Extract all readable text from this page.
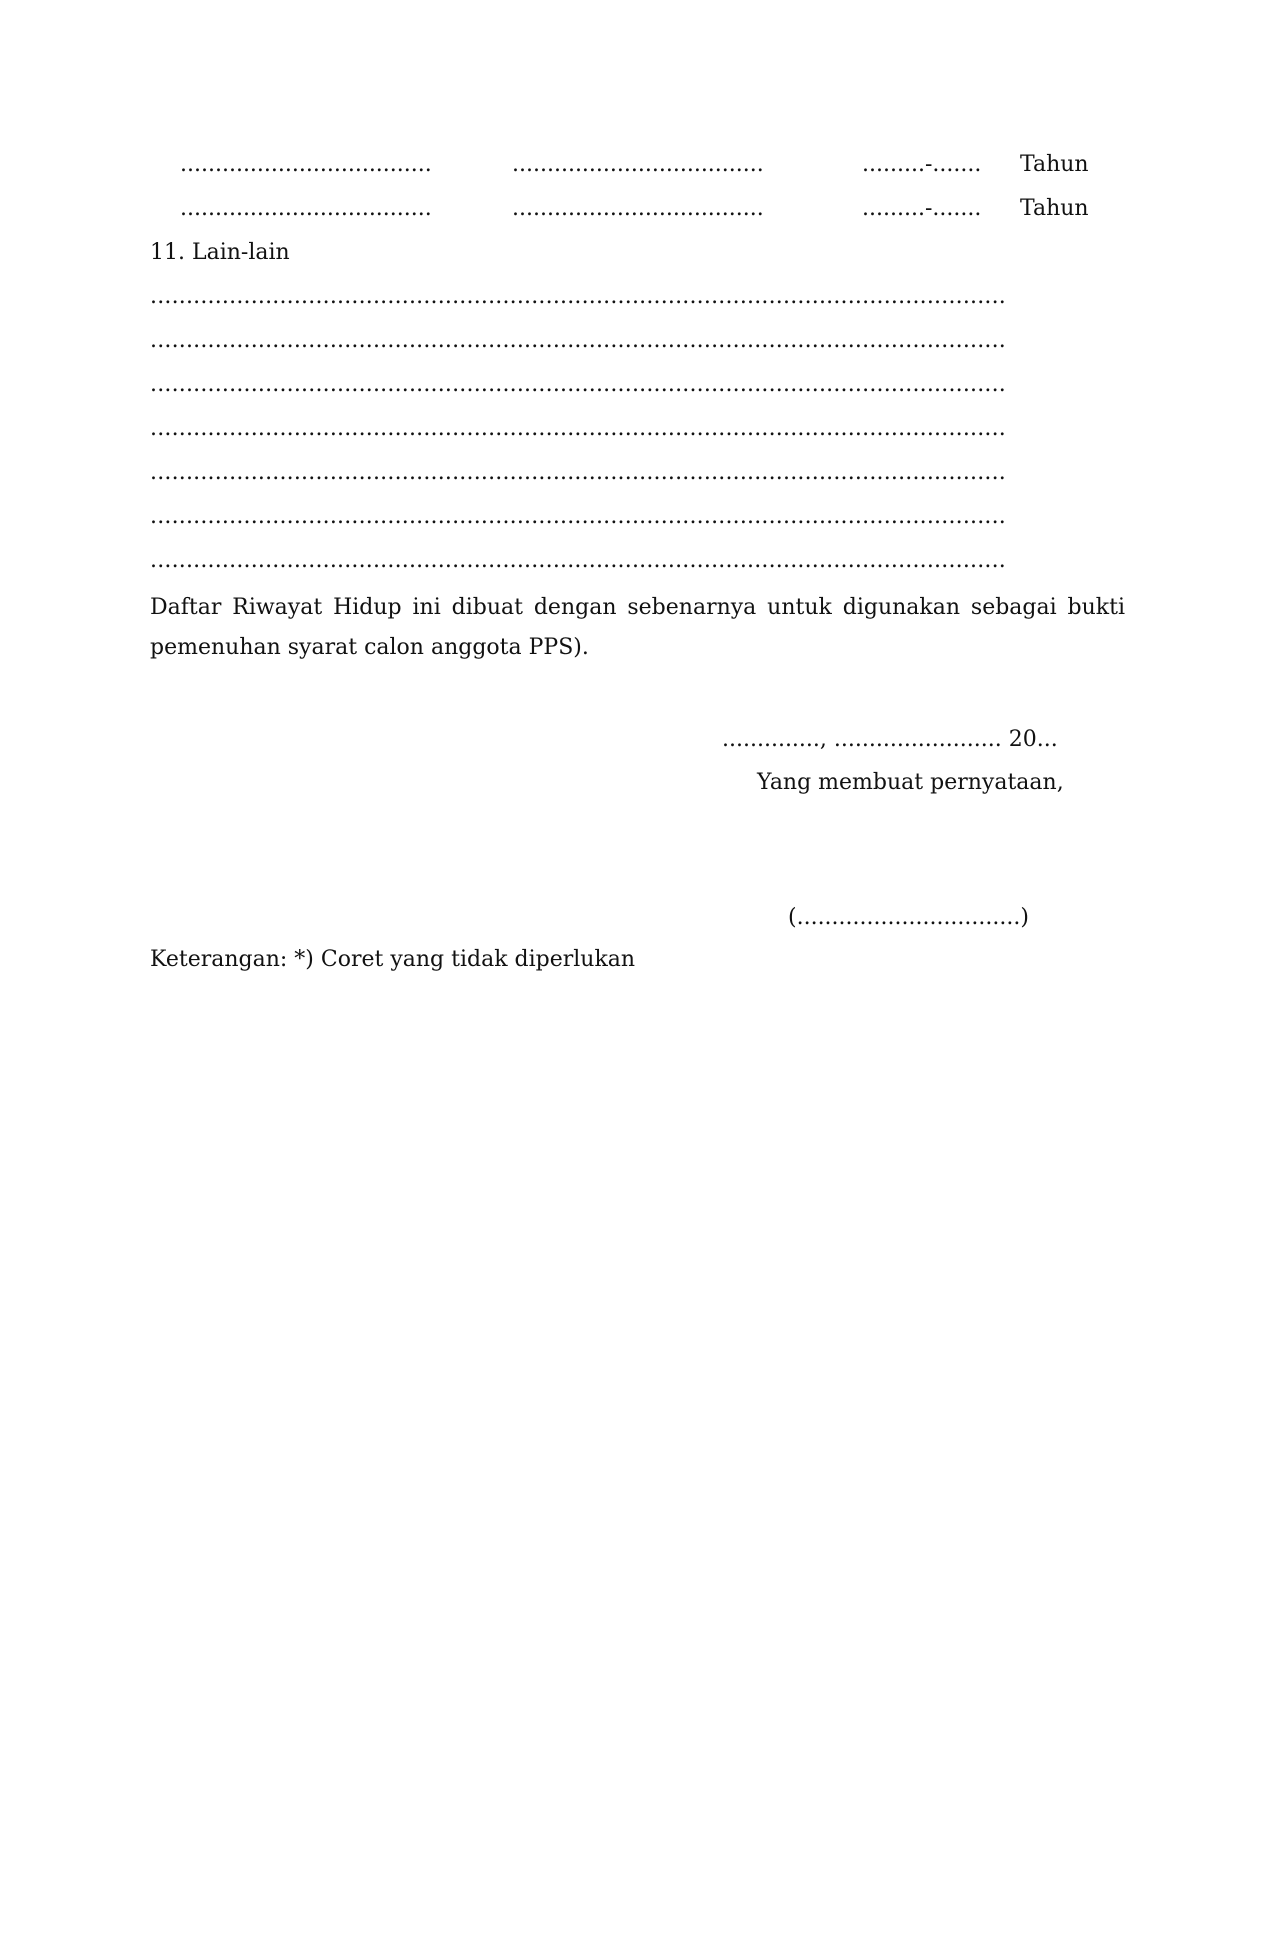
....................................	....................................	.........-....... Tahun
....................................	....................................	.........-....... Tahun
11. Lain-lain
.......................................................................................................................
.......................................................................................................................
.......................................................................................................................
.......................................................................................................................
.......................................................................................................................
.......................................................................................................................
.......................................................................................................................
Daftar Riwayat Hidup ini dibuat dengan sebenarnya untuk digunakan sebagai bukti pemenuhan syarat calon anggota PPS).
.............., ........................ 20...
Yang membuat pernyataan,
(................................)
Keterangan: *) Coret yang tidak diperlukan
